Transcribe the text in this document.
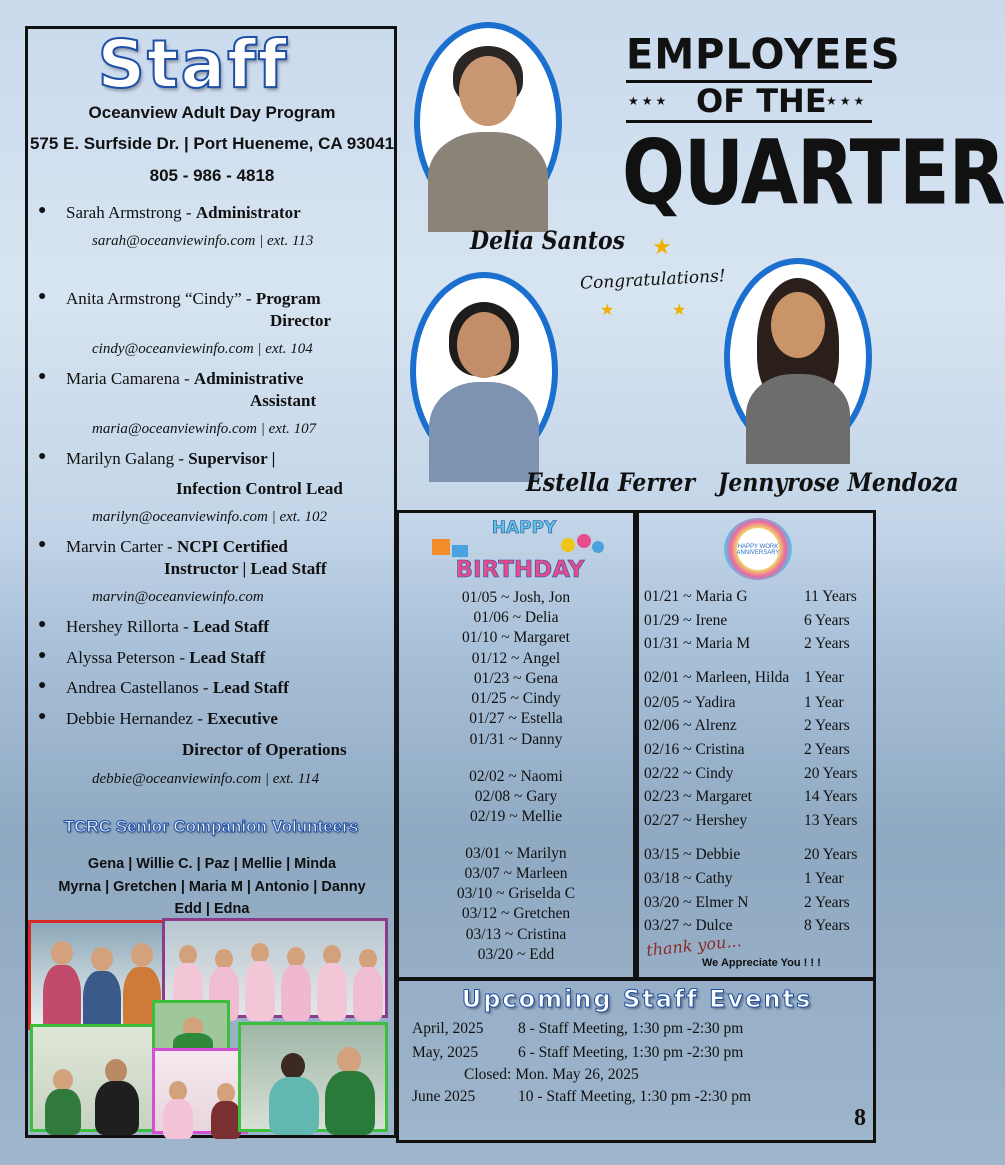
Staff
Oceanview Adult Day Program
575 E. Surfside Dr. | Port Hueneme, CA 93041
805 - 986 - 4818
● Sarah Armstrong - Administrator
sarah@oceanviewinfo.com | ext. 113
● Anita Armstrong “Cindy” - Program
Director
cindy@oceanviewinfo.com | ext. 104
● Maria Camarena - Administrative
Assistant
maria@oceanviewinfo.com | ext. 107
● Marilyn Galang - Supervisor |
Infection Control Lead
marilyn@oceanviewinfo.com | ext. 102
● Marvin Carter - NCPI Certified
Instructor | Lead Staff
marvin@oceanviewinfo.com
● Hershey Rillorta - Lead Staff
● Alyssa Peterson - Lead Staff
● Andrea Castellanos - Lead Staff
● Debbie Hernandez - Executive
Director of Operations
debbie@oceanviewinfo.com | ext. 114
TCRC Senior Companion Volunteers
Gena | Willie C. | Paz | Mellie | Minda
Myrna | Gretchen | Maria M | Antonio | Danny
Edd | Edna
EMPLOYEES
★★★ OF THE ★★★
QUARTER
Delia Santos
Estella Ferrer Jennyrose Mendoza
Congratulations!
★
★	★
HAPPY
BIRTHDAY
01/05 ~ Josh, Jon
01/06 ~ Delia
01/10 ~ Margaret
01/12 ~ Angel
01/23 ~ Gena
01/25 ~ Cindy
01/27 ~ Estella
01/31 ~ Danny
02/02 ~ Naomi
02/08 ~ Gary
02/19 ~ Mellie
03/01 ~ Marilyn
03/07 ~ Marleen
03/10 ~ Griselda C
03/12 ~ Gretchen
03/13 ~ Cristina
03/20 ~ Edd
HAPPY WORK ANNIVERSARY
01/21 ~ Maria G	11 Years
01/29 ~ Irene	6 Years
01/31 ~ Maria M	2 Years
02/01 ~ Marleen, Hilda 1 Year
02/05 ~ Yadira	1 Year
02/06 ~ Alrenz	2 Years
02/16 ~ Cristina	2 Years
02/22 ~ Cindy	20 Years
02/23 ~ Margaret	14 Years
02/27 ~ Hershey	13 Years
03/15 ~ Debbie	20 Years
03/18 ~ Cathy	1 Year
03/20 ~ Elmer N	2 Years
03/27 ~ Dulce	8 Years
thank you...
We Appreciate You ! ! !
Upcoming Staff Events
April, 2025 8 - Staff Meeting, 1:30 pm -2:30 pm
May, 2025	6 - Staff Meeting, 1:30 pm -2:30 pm
Closed: Mon. May 26, 2025
June 2025	10 - Staff Meeting, 1:30 pm -2:30 pm
8
